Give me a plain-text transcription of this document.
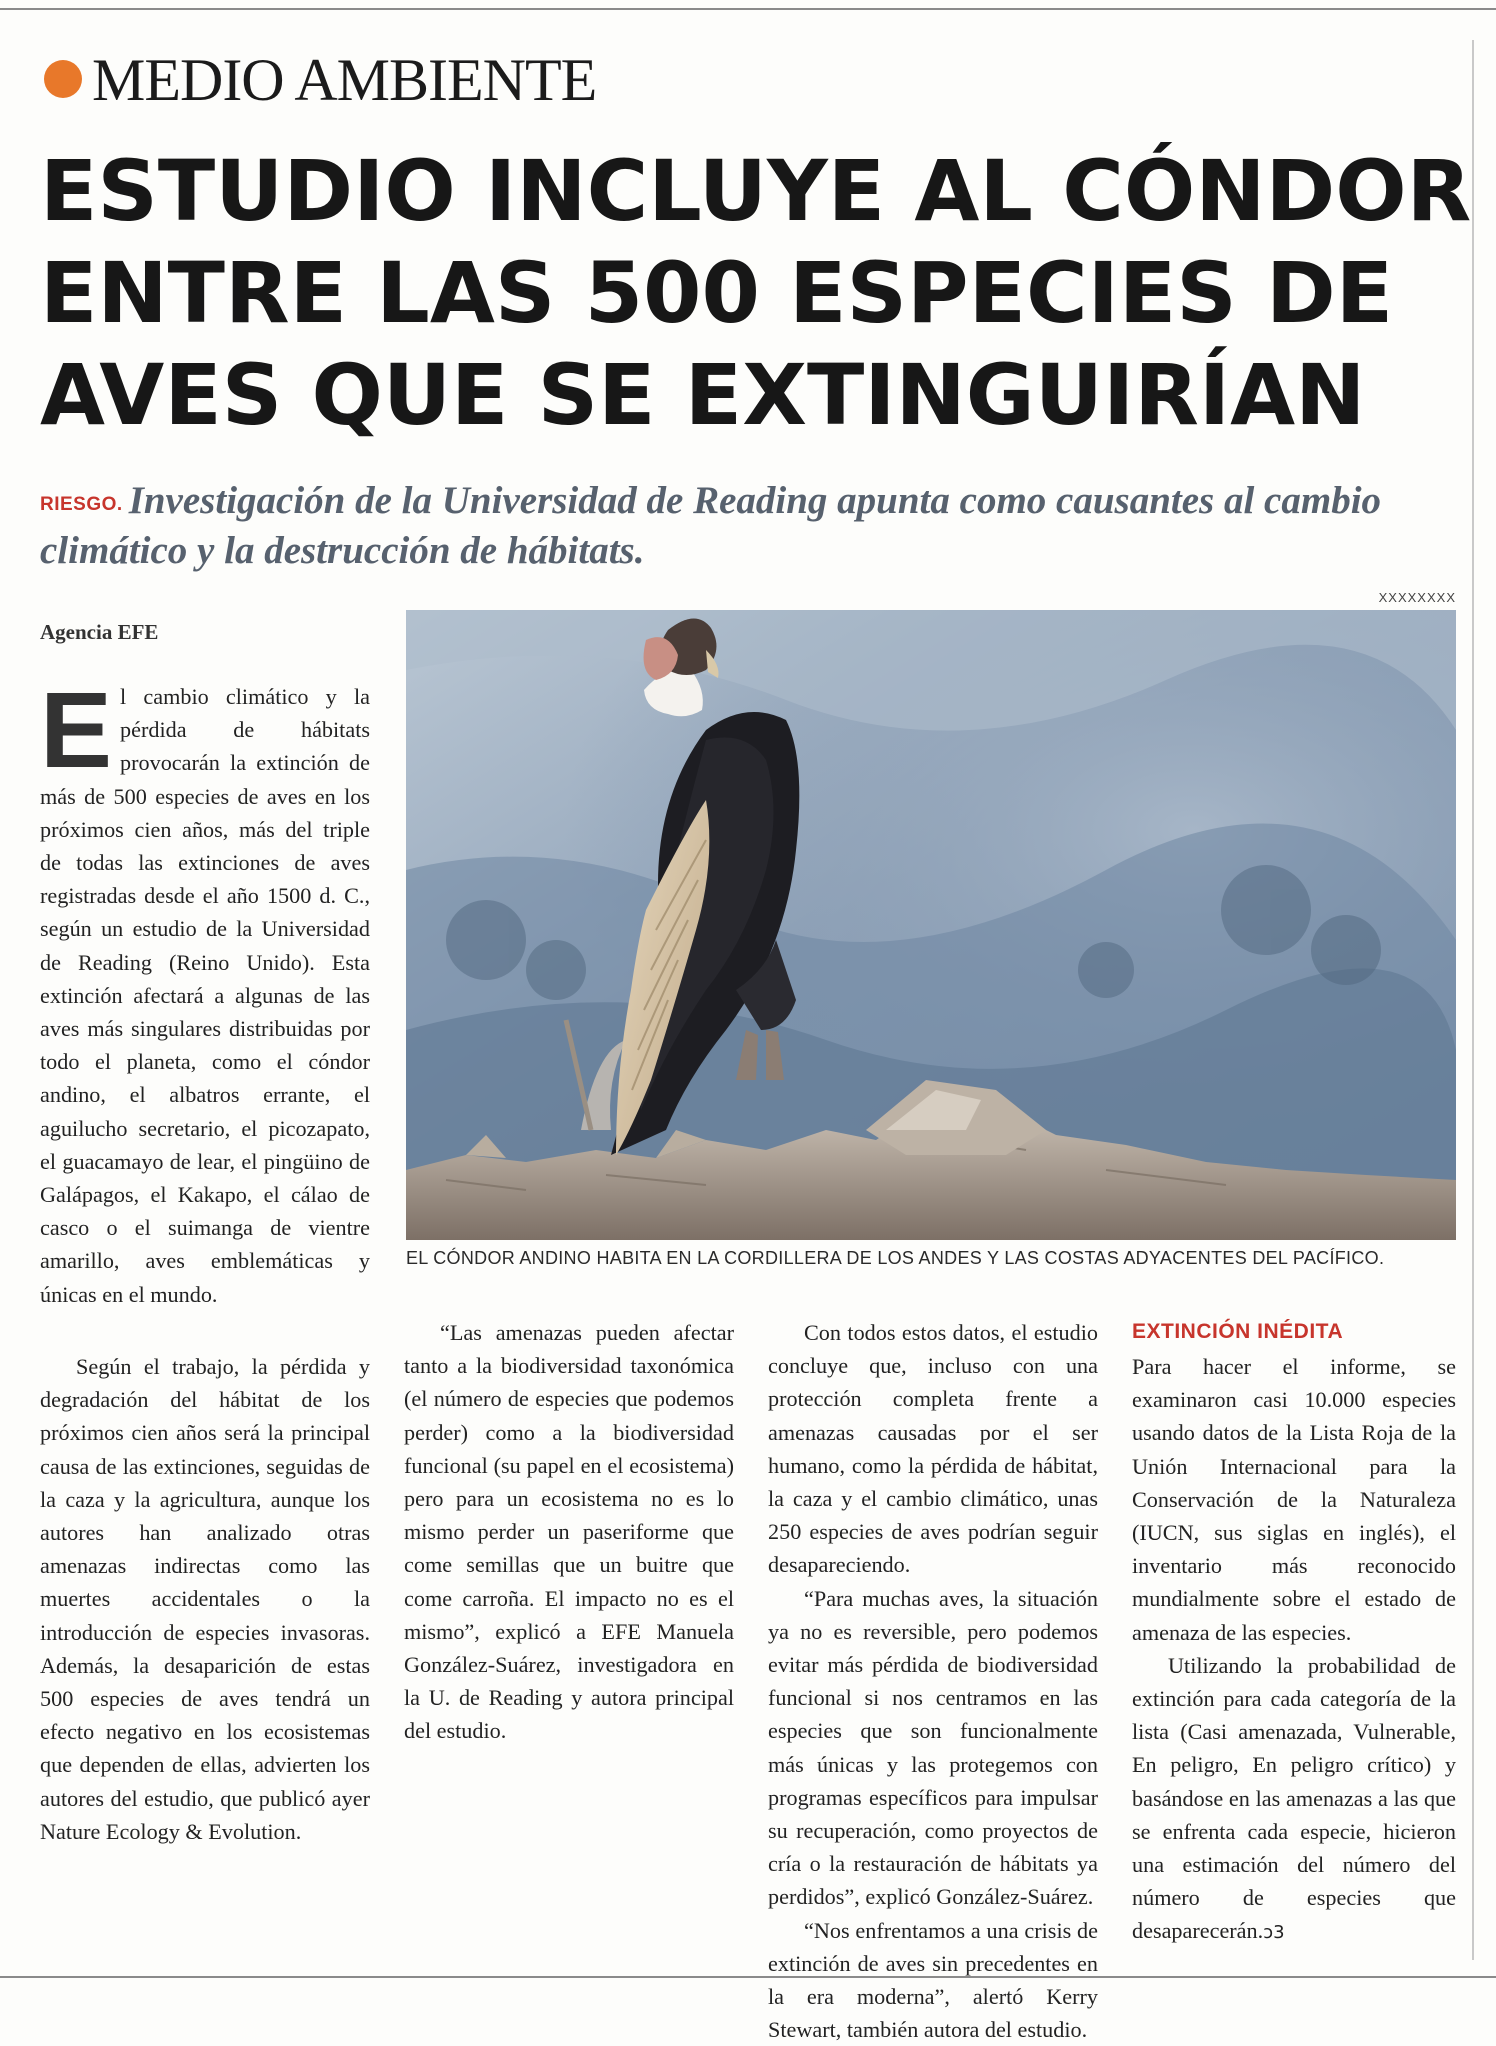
MEDIO AMBIENTE
ESTUDIO INCLUYE AL CÓNDOR
ENTRE LAS 500 ESPECIES DE
AVES QUE SE EXTINGUIRÍAN
RIESGO. Investigación de la Universidad de Reading apunta como causantes al cambio climático y la destrucción de hábitats.
XXXXXXXX
Agencia EFE
EL CÓNDOR ANDINO HABITA EN LA CORDILLERA DE LOS ANDES Y LAS COSTAS ADYACENTES DEL PACÍFICO.
E l cambio climático y la pérdida de hábitats provocarán la extinción de más de 500 especies de aves en los próximos cien años, más del triple de todas las extinciones de aves registradas desde el año 1500 d. C., según un estudio de la Universidad de Reading (Reino Unido). Esta extinción afectará a algunas de las aves más singulares distribuidas por todo el planeta, como el cóndor andino, el albatros errante, el aguilucho secretario, el picozapato, el guacamayo de lear, el pingüino de Galápagos, el Kakapo, el cálao de casco o el suimanga de vientre amarillo, aves emblemáticas y únicas en el mundo.

Según el trabajo, la pérdida y degradación del hábitat de los próximos cien años será la principal causa de las extinciones, seguidas de la caza y la agricultura, aunque los autores han analizado otras amenazas indirectas como las muertes accidentales o la introducción de especies invasoras. Además, la desaparición de estas 500 especies de aves tendrá un efecto negativo en los ecosistemas que dependen de ellas, advierten los autores del estudio, que publicó ayer Nature Ecology & Evolution.

“Las amenazas pueden afectar tanto a la biodiversidad taxonómica (el número de especies que podemos perder) como a la biodiversidad funcional (su papel en el ecosistema) pero para un ecosistema no es lo mismo perder un paseriforme que come semillas que un buitre que come carroña. El impacto no es el mismo”, explicó a EFE Manuela González-Suárez, investigadora en la U. de Reading y autora principal del estudio.

Con todos estos datos, el estudio concluye que, incluso con una protección completa frente a amenazas causadas por el ser humano, como la pérdida de hábitat, la caza y el cambio climático, unas 250 especies de aves podrían seguir desapareciendo.

“Para muchas aves, la situación ya no es reversible, pero podemos evitar más pérdida de biodiversidad funcional si nos centramos en las especies que son funcionalmente más únicas y las protegemos con programas específicos para impulsar su recuperación, como proyectos de cría o la restauración de hábitats ya perdidos”, explicó González-Suárez.

“Nos enfrentamos a una crisis de extinción de aves sin precedentes en la era moderna”, alertó Kerry Stewart, también autora del estudio.

EXTINCIÓN INÉDITA

Para hacer el informe, se examinaron casi 10.000 especies usando datos de la Lista Roja de la Unión Internacional para la Conservación de la Naturaleza (IUCN, sus siglas en inglés), el inventario más reconocido mundialmente sobre el estado de amenaza de las especies.

Utilizando la probabilidad de extinción para cada categoría de la lista (Casi amenazada, Vulnerable, En peligro, En peligro crítico) y basándose en las amenazas a las que se enfrenta cada especie, hicieron una estimación del número del número de especies que desaparecerán.ↄ3
